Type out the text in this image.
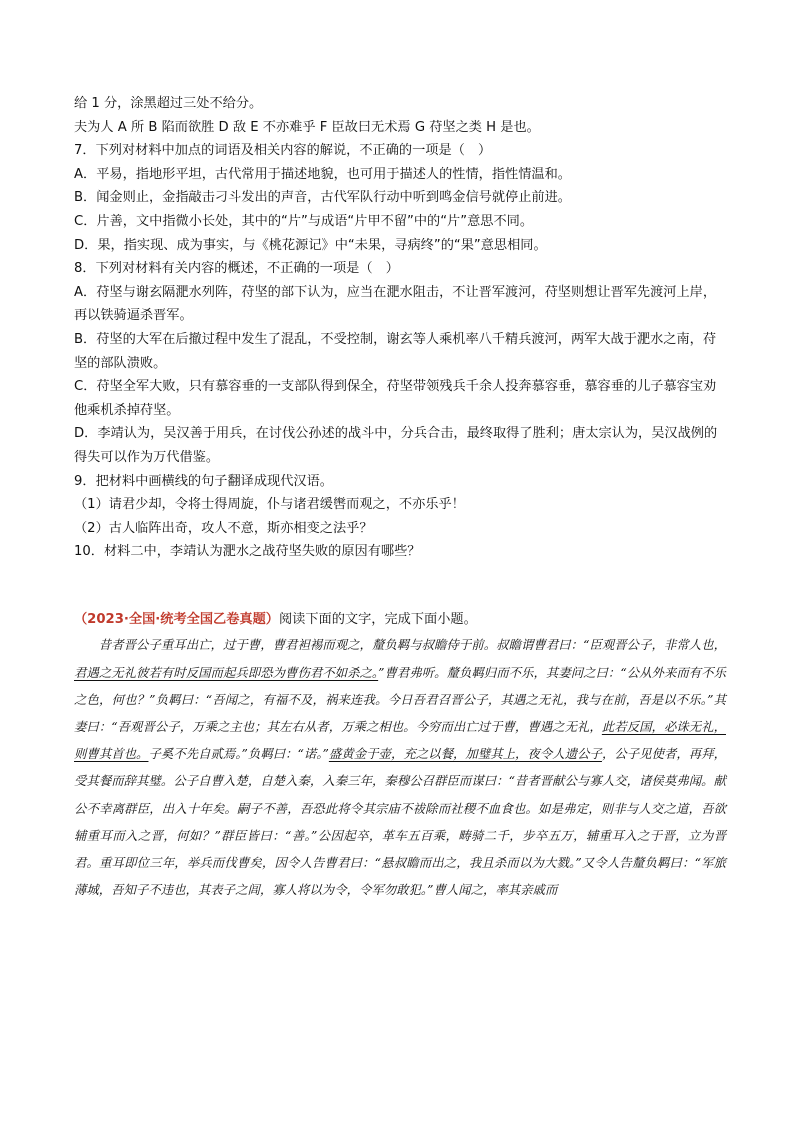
给 1 分，涂黑超过三处不给分。

夫为人 A 所 B 陷而欲胜 D 敌 E 不亦难乎 F 臣故曰无术焉 G 苻坚之类 H 是也。

7．下列对材料中加点的词语及相关内容的解说，不正确的一项是（　）

A．平易，指地形平坦，古代常用于描述地貌，也可用于描述人的性情，指性情温和。

B．闻金则止，金指敲击刁斗发出的声音，古代军队行动中听到鸣金信号就停止前进。

C．片善，文中指微小长处，其中的“片”与成语“片甲不留”中的“片”意思不同。

D．果，指实现、成为事实，与《桃花源记》中“未果，寻病终”的“果”意思相同。

8．下列对材料有关内容的概述，不正确的一项是（　）

A．苻坚与谢玄隔淝水列阵，苻坚的部下认为，应当在淝水阻击，不让晋军渡河，苻坚则想让晋军先渡河上岸，再以铁骑逼杀晋军。

B．苻坚的大军在后撤过程中发生了混乱，不受控制，谢玄等人乘机率八千精兵渡河，两军大战于淝水之南，苻坚的部队溃败。

C．苻坚全军大败，只有慕容垂的一支部队得到保全，苻坚带领残兵千余人投奔慕容垂，慕容垂的儿子慕容宝劝他乘机杀掉苻坚。

D．李靖认为，吴汉善于用兵，在讨伐公孙述的战斗中，分兵合击，最终取得了胜利；唐太宗认为，吴汉战例的得失可以作为万代借鉴。

9．把材料中画横线的句子翻译成现代汉语。

（1）请君少却，令将士得周旋，仆与诸君缓辔而观之，不亦乐乎！

（2）古人临阵出奇，攻人不意，斯亦相变之法乎？

10．材料二中，李靖认为淝水之战苻坚失败的原因有哪些？

（2023·全国·统考全国乙卷真题）阅读下面的文字，完成下面小题。

昔者晋公子重耳出亡，过于曹，曹君袒裼而观之，釐负羁与叔瞻侍于前。叔瞻谓曹君曰：“臣观晋公子，非常人也，君遇之无礼彼若有时反国而起兵即恐为曹伤君不如杀之。”曹君弗听。釐负羁归而不乐，其妻问之曰：“公从外来而有不乐之色，何也？”负羁曰：“吾闻之，有福不及，祸来连我。今日吾君召晋公子，其遇之无礼，我与在前，吾是以不乐。”其妻曰：“吾观晋公子，万乘之主也；其左右从者，万乘之相也。今穷而出亡过于曹，曹遇之无礼，此若反国，必诛无礼，则曹其首也。子奚不先自贰焉。”负羁曰：“诺。”盛黄金于壶，充之以餐，加璧其上，夜令人遗公子，公子见使者，再拜，受其餐而辞其璧。公子自曹入楚，自楚入秦，入秦三年，秦穆公召群臣而谋曰：“昔者晋献公与寡人交，诸侯莫弗闻。献公不幸离群臣，出入十年矣。嗣子不善，吾恐此将令其宗庙不祓除而社稷不血食也。如是弗定，则非与人交之道，吾欲辅重耳而入之晋，何如？”群臣皆曰：“善。”公因起卒，革车五百乘，畴骑二千，步卒五万，辅重耳入之于晋，立为晋君。重耳即位三年，举兵而伐曹矣，因令人告曹君曰：“悬叔瞻而出之，我且杀而以为大戮。”又令人告釐负羁曰：“军旅薄城，吾知子不违也，其表子之闾，寡人将以为令，令军勿敢犯。”曹人闻之，率其亲戚而
